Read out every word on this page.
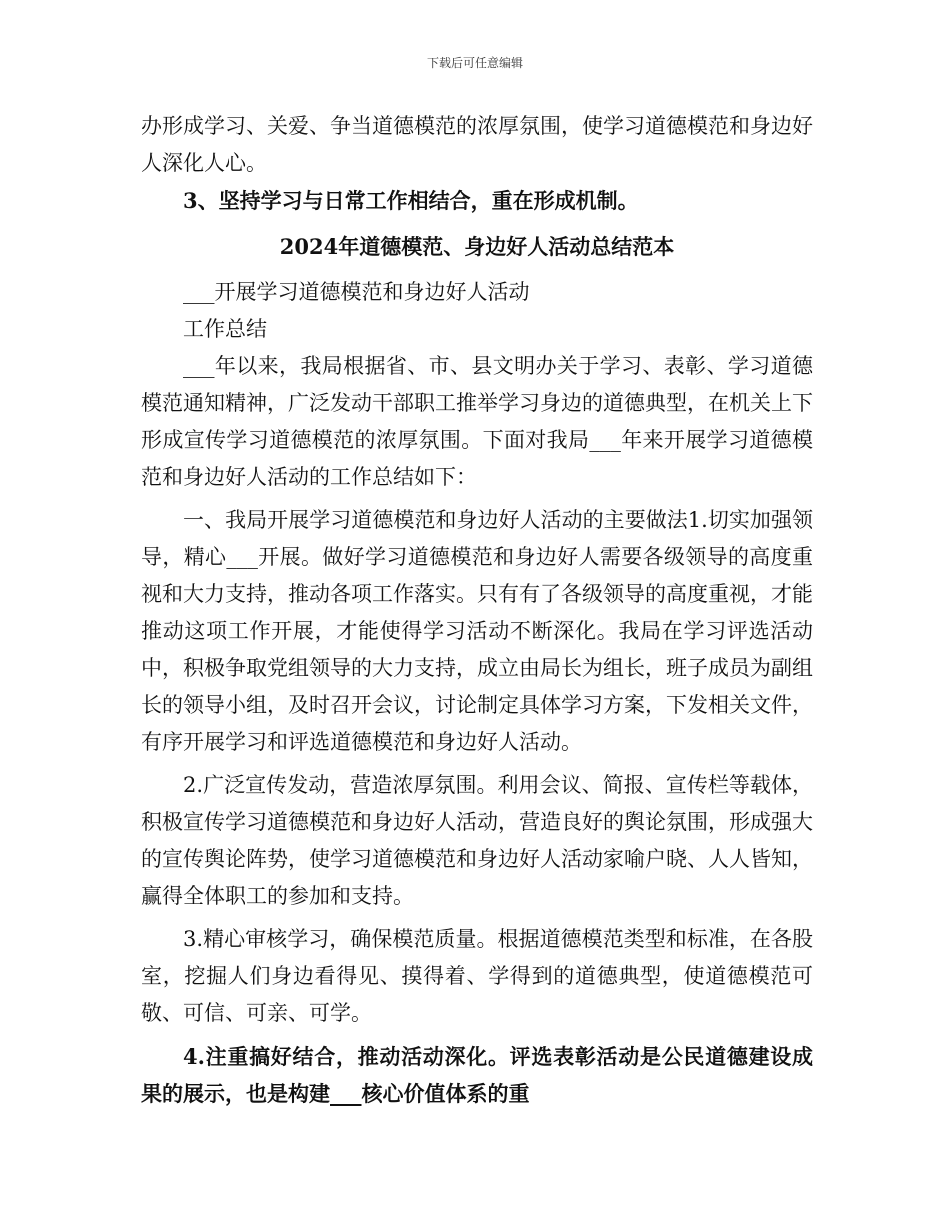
下载后可任意编辑

办形成学习、关爱、争当道德模范的浓厚氛围，使学习道德模范和身边好人深化人心。

3、坚持学习与日常工作相结合，重在形成机制。

2024年道德模范、身边好人活动总结范本

___开展学习道德模范和身边好人活动

工作总结

___年以来，我局根据省、市、县文明办关于学习、表彰、学习道德模范通知精神，广泛发动干部职工推举学习身边的道德典型，在机关上下形成宣传学习道德模范的浓厚氛围。下面对我局___年来开展学习道德模范和身边好人活动的工作总结如下：

一、我局开展学习道德模范和身边好人活动的主要做法1.切实加强领导，精心___开展。做好学习道德模范和身边好人需要各级领导的高度重视和大力支持，推动各项工作落实。只有有了各级领导的高度重视，才能推动这项工作开展，才能使得学习活动不断深化。我局在学习评选活动中，积极争取党组领导的大力支持，成立由局长为组长，班子成员为副组长的领导小组，及时召开会议，讨论制定具体学习方案，下发相关文件，有序开展学习和评选道德模范和身边好人活动。

2.广泛宣传发动，营造浓厚氛围。利用会议、简报、宣传栏等载体，积极宣传学习道德模范和身边好人活动，营造良好的舆论氛围，形成强大的宣传舆论阵势，使学习道德模范和身边好人活动家喻户晓、人人皆知，赢得全体职工的参加和支持。

3.精心审核学习，确保模范质量。根据道德模范类型和标准，在各股室，挖掘人们身边看得见、摸得着、学得到的道德典型，使道德模范可敬、可信、可亲、可学。

4.注重搞好结合，推动活动深化。评选表彰活动是公民道德建设成果的展示，也是构建___核心价值体系的重
